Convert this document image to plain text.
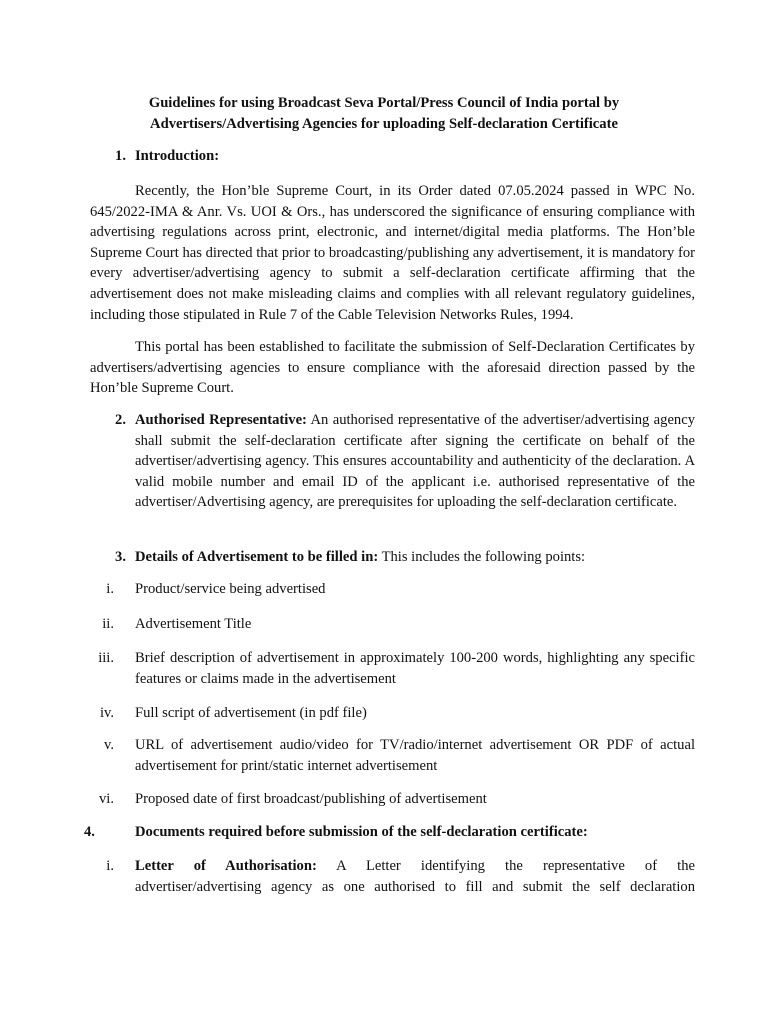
Guidelines for using Broadcast Seva Portal/Press Council of India portal by
Advertisers/Advertising Agencies for uploading Self-declaration Certificate
1. Introduction:
Recently, the Hon’ble Supreme Court, in its Order dated 07.05.2024 passed in WPC No. 645/2022-IMA & Anr. Vs. UOI & Ors., has underscored the significance of ensuring compliance with advertising regulations across print, electronic, and internet/digital media platforms. The Hon’ble Supreme Court has directed that prior to broadcasting/publishing any advertisement, it is mandatory for every advertiser/advertising agency to submit a self-declaration certificate affirming that the advertisement does not make misleading claims and complies with all relevant regulatory guidelines, including those stipulated in Rule 7 of the Cable Television Networks Rules, 1994.
This portal has been established to facilitate the submission of Self-Declaration Certificates by advertisers/advertising agencies to ensure compliance with the aforesaid direction passed by the Hon’ble Supreme Court.
2. Authorised Representative: An authorised representative of the advertiser/advertising agency shall submit the self-declaration certificate after signing the certificate on behalf of the advertiser/advertising agency. This ensures accountability and authenticity of the declaration. A valid mobile number and email ID of the applicant i.e. authorised representative of the advertiser/Advertising agency, are prerequisites for uploading the self-declaration certificate.
3. Details of Advertisement to be filled in: This includes the following points:
i. Product/service being advertised
ii. Advertisement Title
iii. Brief description of advertisement in approximately 100-200 words, highlighting any specific features or claims made in the advertisement
iv. Full script of advertisement (in pdf file)
v. URL of advertisement audio/video for TV/radio/internet advertisement OR PDF of actual advertisement for print/static internet advertisement
vi. Proposed date of first broadcast/publishing of advertisement
4.	Documents required before submission of the self-declaration certificate:
i. Letter of Authorisation: A Letter identifying the representative of the advertiser/advertising agency as one authorised to fill and submit the self declaration
